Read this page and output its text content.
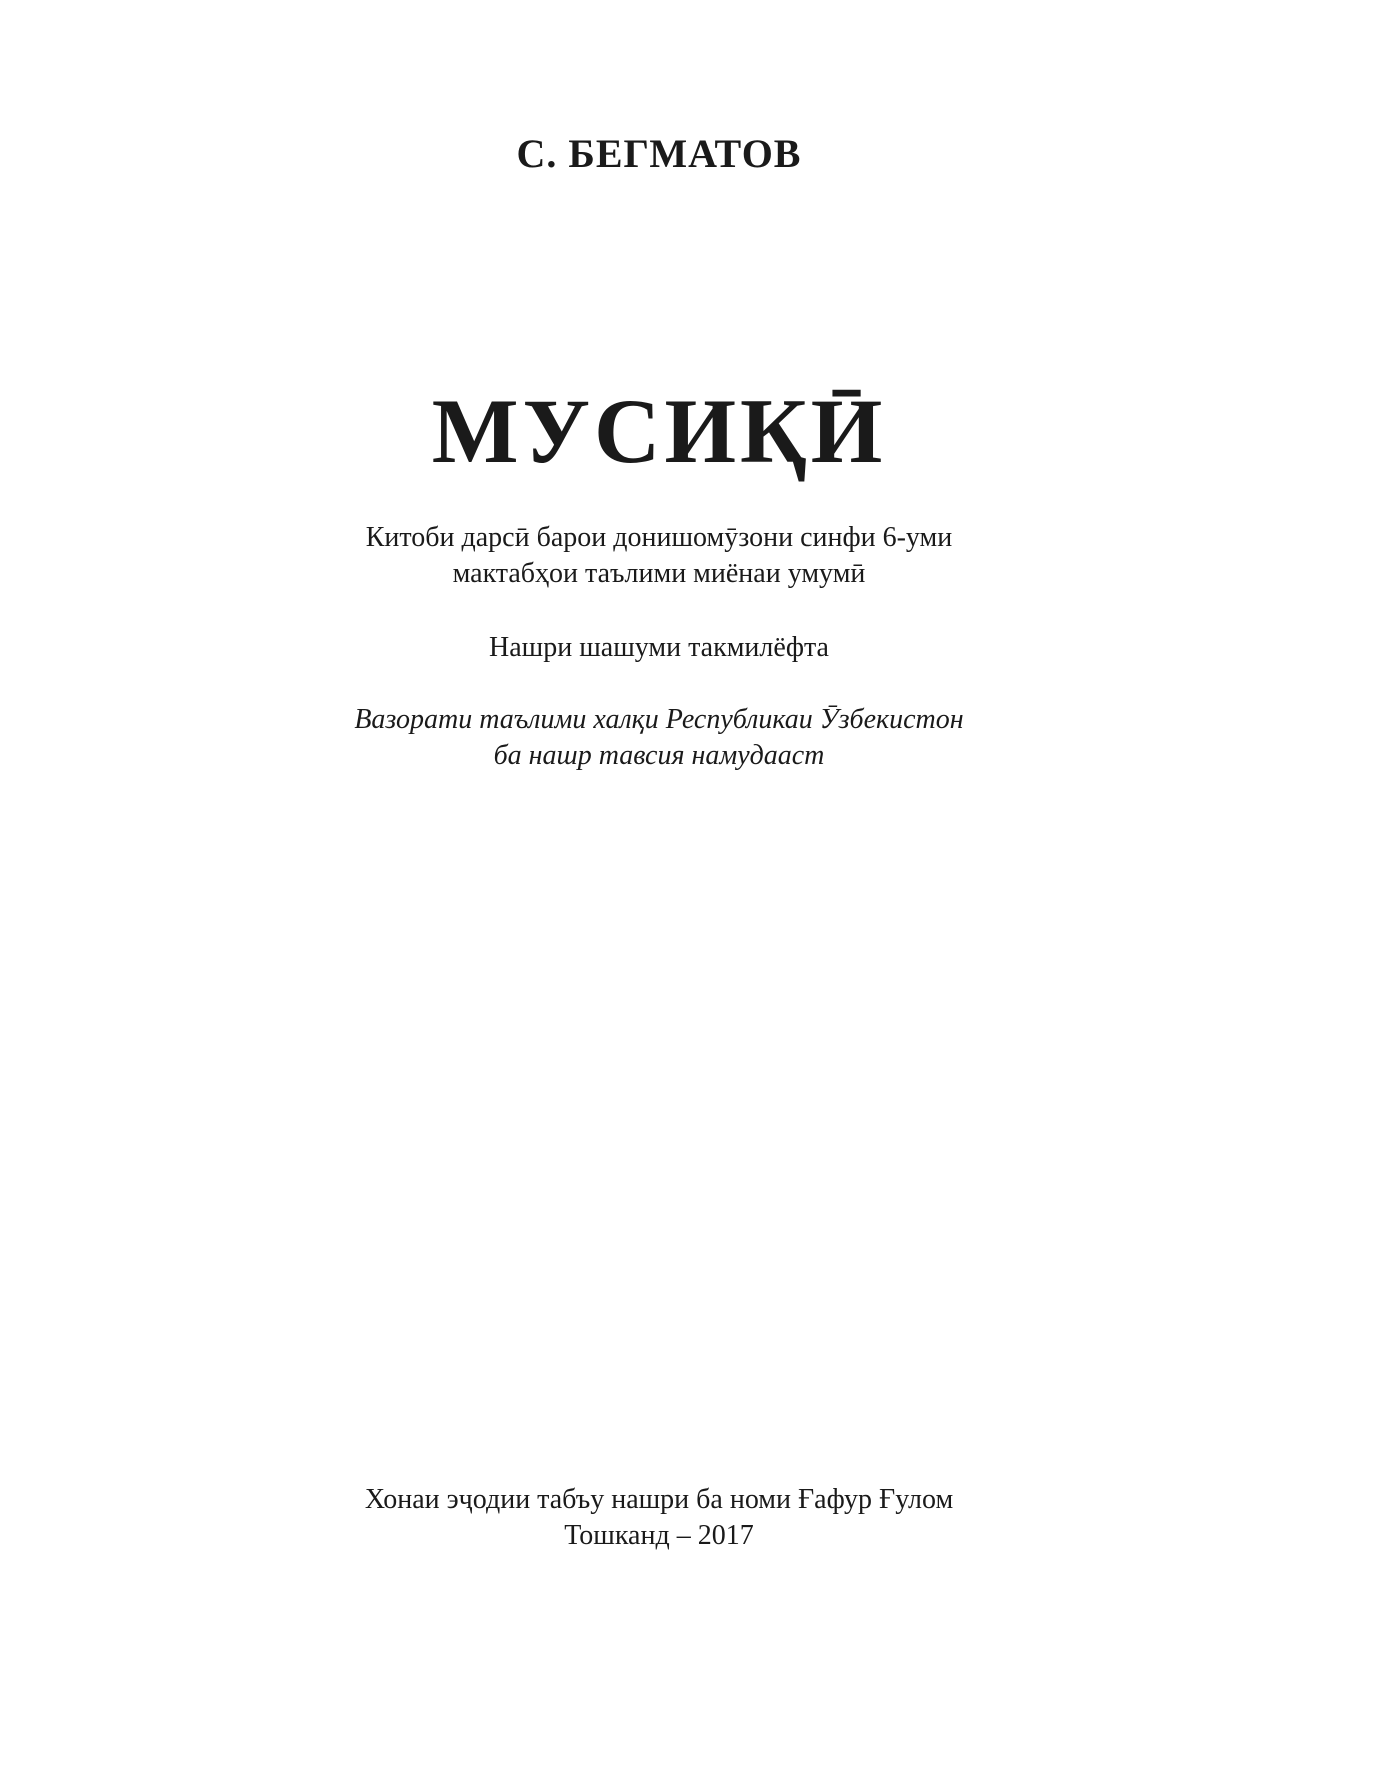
С. БЕГМАТОВ
МУСИҚӢ
Китоби дарсӣ барои донишомӯзони синфи 6-уми
мактабҳои таълими миёнаи умумӣ
Нашри шашуми такмилёфта
Вазорати таълими халқи Республикаи Ӯзбекистон
ба нашр тавсия намудааст
Хонаи эҷодии табъу нашри ба номи Ғафур Ғулом
Тошканд – 2017
